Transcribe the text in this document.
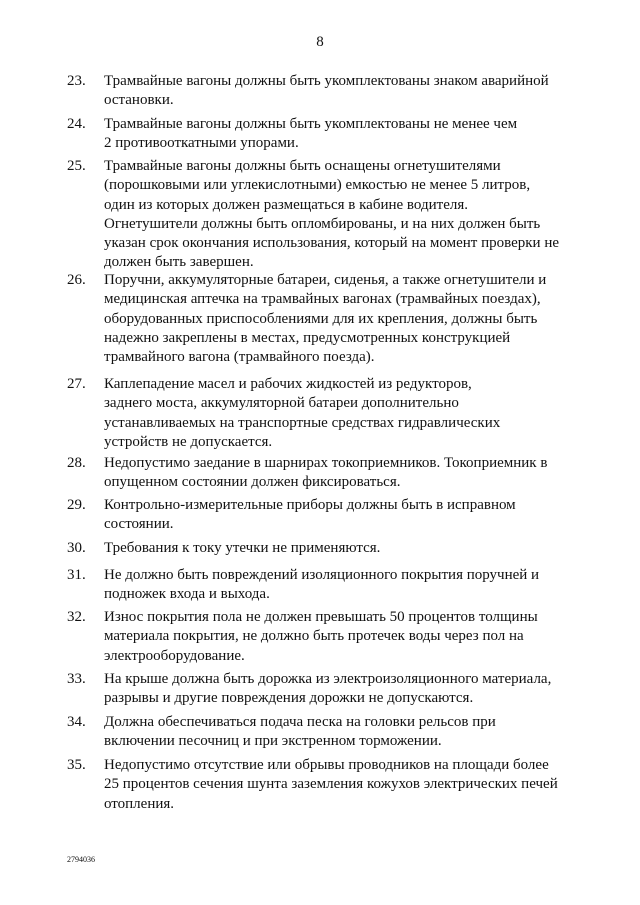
8
23.	Трамвайные вагоны должны быть укомплектованы знаком аварийной
остановки.
24.	Трамвайные вагоны должны быть укомплектованы не менее чем
2 противооткатными упорами.
25.	Трамвайные вагоны должны быть оснащены огнетушителями
(порошковыми или углекислотными) емкостью не менее 5 литров,
один из которых должен размещаться в кабине водителя.
Огнетушители должны быть опломбированы, и на них должен быть
указан срок окончания использования, который на момент проверки не
должен быть завершен.
26.	Поручни, аккумуляторные батареи, сиденья, а также огнетушители и
медицинская аптечка на трамвайных вагонах (трамвайных поездах),
оборудованных приспособлениями для их крепления, должны быть
надежно закреплены в местах, предусмотренных конструкцией
трамвайного вагона (трамвайного поезда).
27.	Каплепадение масел и рабочих жидкостей из редукторов,
заднего моста, аккумуляторной батареи дополнительно
устанавливаемых на транспортные средствах гидравлических
устройств не допускается.
28.	Недопустимо заедание в шарнирах токоприемников. Токоприемник в
опущенном состоянии должен фиксироваться.
29.	Контрольно-измерительные приборы должны быть в исправном
состоянии.
30.	Требования к току утечки не применяются.
31.	Не должно быть повреждений изоляционного покрытия поручней и
подножек входа и выхода.
32.	Износ покрытия пола не должен превышать 50 процентов толщины
материала покрытия, не должно быть протечек воды через пол на
электрооборудование.
33.	На крыше должна быть дорожка из электроизоляционного материала,
разрывы и другие повреждения дорожки не допускаются.
34.	Должна обеспечиваться подача песка на головки рельсов при
включении песочниц и при экстренном торможении.
35.	Недопустимо отсутствие или обрывы проводников на площади более
25 процентов сечения шунта заземления кожухов электрических печей
отопления.
2794036
